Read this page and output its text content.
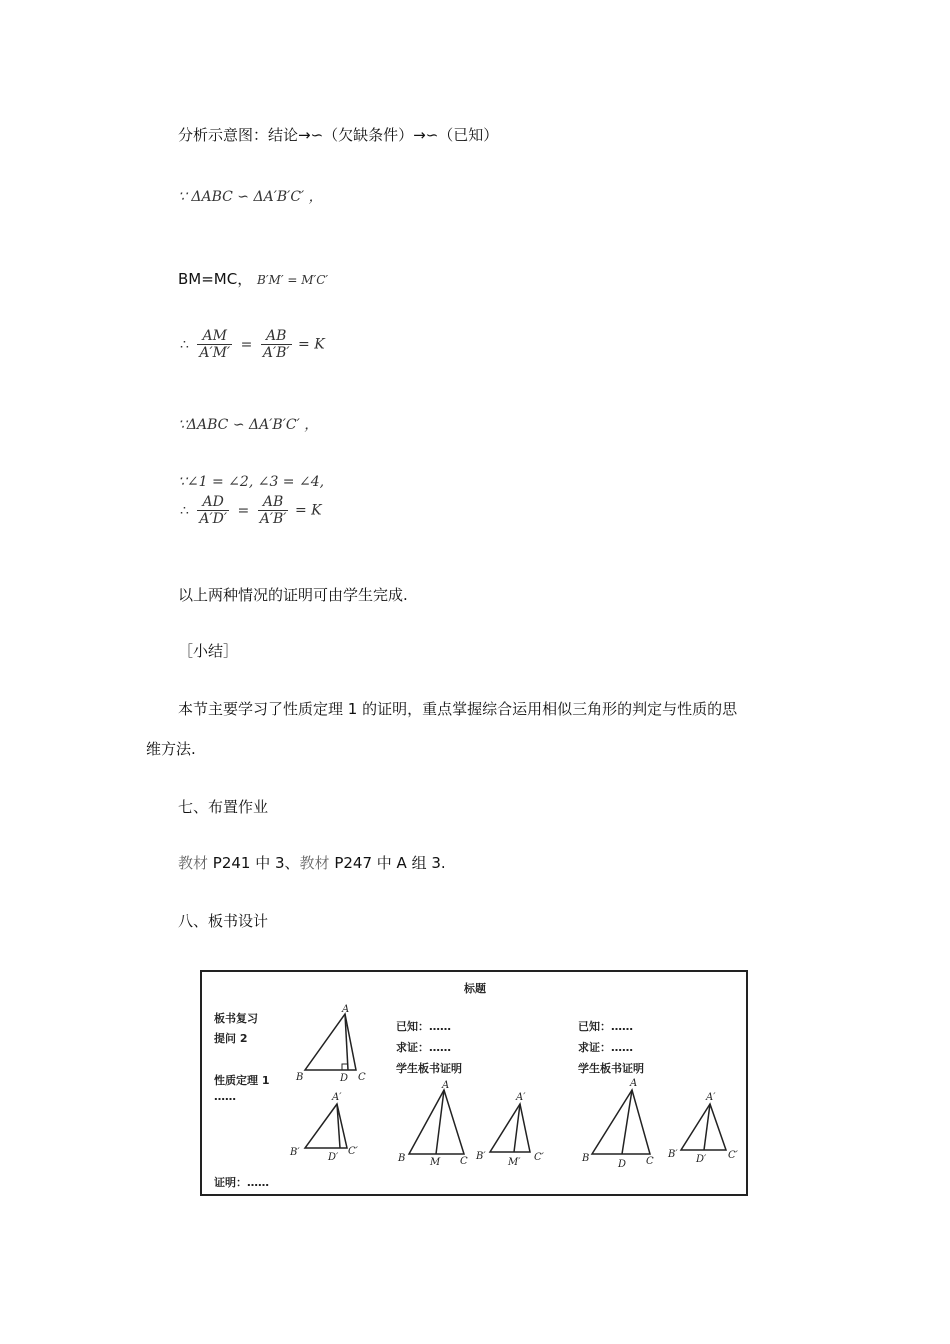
分析示意图：结论→∽（欠缺条件）→∽（已知）
∵ ΔABC ∽ ΔA′B′C′ ，
BM=MC， B′M′ = M′C′
∴ $\frac{AM}{A'M'} = \frac{AB}{A'B'} = K$
∵ΔABC ∽ ΔA′B′C′ ，
∵∠1 = ∠2, ∠3 = ∠4,
∴ $\frac{AD}{A'D'} = \frac{AB}{A'B'} = K$
以上两种情况的证明可由学生完成.
［小结］
本节主要学习了性质定理 1 的证明，重点掌握综合运用相似三角形的判定与性质的思
维方法.
七、布置作业
教材 P241 中 3、教材 P247 中 A 组 3.
八、板书设计
标题
板书复习
提问 2
性质定理 1
……
证明：……
已知：……
求证：……
学生板书证明
已知：……
求证：……
学生板书证明
A
B	D C
A′
B′	D′
C′
A
B M C
A′
B′
M′ C′
A
B
D C
A′
B′ D′ C′
